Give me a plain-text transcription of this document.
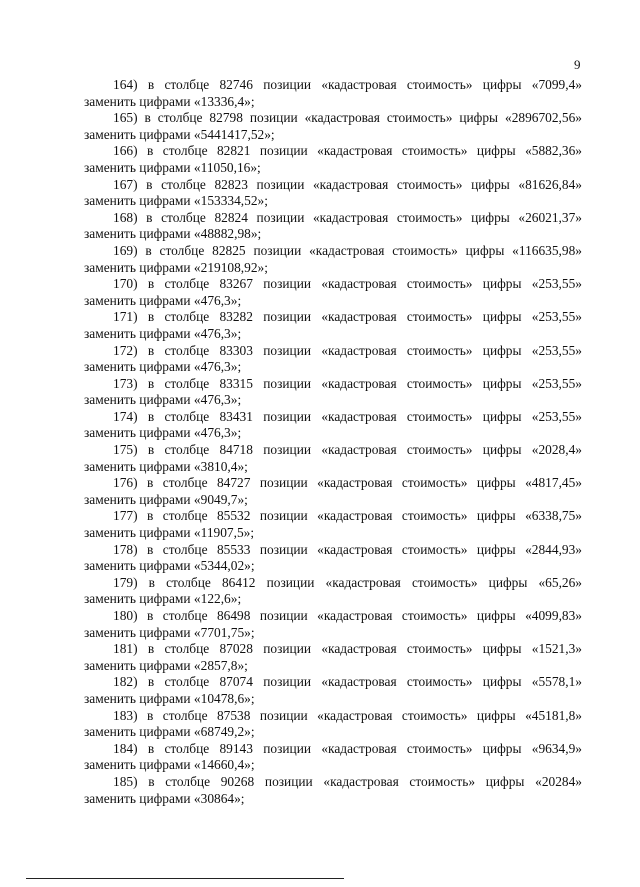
9

164) в столбце 82746 позиции «кадастровая стоимость» цифры «7099,4»
заменить цифрами «13336,4»;

165) в столбце 82798 позиции «кадастровая стоимость» цифры «2896702,56»
заменить цифрами «5441417,52»;

166) в столбце 82821 позиции «кадастровая стоимость» цифры «5882,36»
заменить цифрами «11050,16»;

167) в столбце 82823 позиции «кадастровая стоимость» цифры «81626,84»
заменить цифрами «153334,52»;

168) в столбце 82824 позиции «кадастровая стоимость» цифры «26021,37»
заменить цифрами «48882,98»;

169) в столбце 82825 позиции «кадастровая стоимость» цифры «116635,98»
заменить цифрами «219108,92»;

170) в столбце 83267 позиции «кадастровая стоимость» цифры «253,55»
заменить цифрами «476,3»;

171) в столбце 83282 позиции «кадастровая стоимость» цифры «253,55»
заменить цифрами «476,3»;

172) в столбце 83303 позиции «кадастровая стоимость» цифры «253,55»
заменить цифрами «476,3»;

173) в столбце 83315 позиции «кадастровая стоимость» цифры «253,55»
заменить цифрами «476,3»;

174) в столбце 83431 позиции «кадастровая стоимость» цифры «253,55»
заменить цифрами «476,3»;

175) в столбце 84718 позиции «кадастровая стоимость» цифры «2028,4»
заменить цифрами «3810,4»;

176) в столбце 84727 позиции «кадастровая стоимость» цифры «4817,45»
заменить цифрами «9049,7»;

177) в столбце 85532 позиции «кадастровая стоимость» цифры «6338,75»
заменить цифрами «11907,5»;

178) в столбце 85533 позиции «кадастровая стоимость» цифры «2844,93»
заменить цифрами «5344,02»;

179) в столбце 86412 позиции «кадастровая стоимость» цифры «65,26»
заменить цифрами «122,6»;

180) в столбце 86498 позиции «кадастровая стоимость» цифры «4099,83»
заменить цифрами «7701,75»;

181) в столбце 87028 позиции «кадастровая стоимость» цифры «1521,3»
заменить цифрами «2857,8»;

182) в столбце 87074 позиции «кадастровая стоимость» цифры «5578,1»
заменить цифрами «10478,6»;

183) в столбце 87538 позиции «кадастровая стоимость» цифры «45181,8»
заменить цифрами «68749,2»;

184) в столбце 89143 позиции «кадастровая стоимость» цифры «9634,9»
заменить цифрами «14660,4»;

185) в столбце 90268 позиции «кадастровая стоимость» цифры «20284»
заменить цифрами «30864»;
